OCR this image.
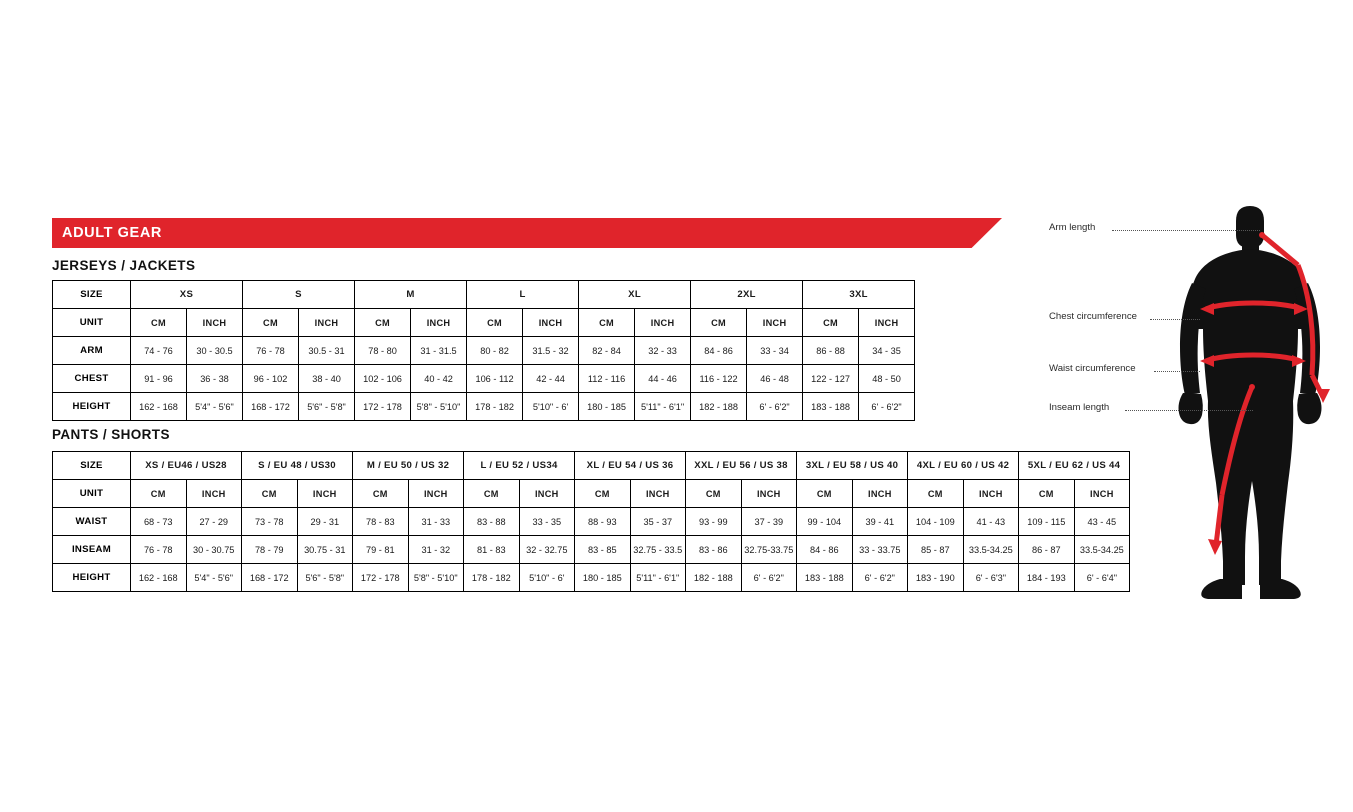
ADULT GEAR
JERSEYS / JACKETS
PANTS / SHORTS
SIZE	XS		S		M		L		XL		2XL		3XL	
UNIT	CM	INCH	CM	INCH	CM	INCH	CM	INCH	CM	INCH	CM	INCH	CM	INCH
ARM	74 - 76	30 - 30.5	76 - 78	30.5 - 31	78 - 80	31 - 31.5	80 - 82	31.5 - 32	82 - 84	32 - 33	84 - 86	33 - 34	86 - 88	34 - 35
CHEST	91 - 96	36 - 38	96 - 102	38 - 40	102 - 106	40 - 42	106 - 112	42 - 44	112 - 116	44 - 46	116 - 122	46 - 48	122 - 127	48 - 50
HEIGHT	162 - 168	5'4" - 5'6"	168 - 172	5'6" - 5'8"	172 - 178	5'8" - 5'10"	178 - 182	5'10" - 6'	180 - 185	5'11" - 6'1"	182 - 188	6' - 6'2"	183 - 188	6' - 6'2"
SIZE	XS / EU46 / US28		S / EU 48 / US30		M / EU 50 / US 32		L / EU 52 / US34		XL / EU 54 / US 36		XXL / EU 56 / US 38		3XL / EU 58 / US 40		4XL / EU 60 / US 42		5XL / EU 62 / US 44	
UNIT	CM	INCH	CM	INCH	CM	INCH	CM	INCH	CM	INCH	CM	INCH	CM	INCH	CM	INCH	CM	INCH
WAIST	68 - 73	27 - 29	73 - 78	29 - 31	78 - 83	31 - 33	83 - 88	33 - 35	88 - 93	35 - 37	93 - 99	37 - 39	99 - 104	39 - 41	104 - 109	41 - 43	109 - 115	43 - 45
INSEAM	76 - 78	30 - 30.75	78 - 79	30.75 - 31	79 - 81	31 - 32	81 - 83	32 - 32.75	83 - 85	32.75 - 33.5	83 - 86	32.75-33.75	84 - 86	33 - 33.75	85 - 87	33.5-34.25	86 - 87	33.5-34.25
HEIGHT	162 - 168	5'4" - 5'6"	168 - 172	5'6" - 5'8"	172 - 178	5'8" - 5'10"	178 - 182	5'10" - 6'	180 - 185	5'11" - 6'1"	182 - 188	6' - 6'2"	183 - 188	6' - 6'2"	183 - 190	6' - 6'3"	184 - 193	6' - 6'4"
Arm length
Chest circumference
Waist circumference
Inseam length
